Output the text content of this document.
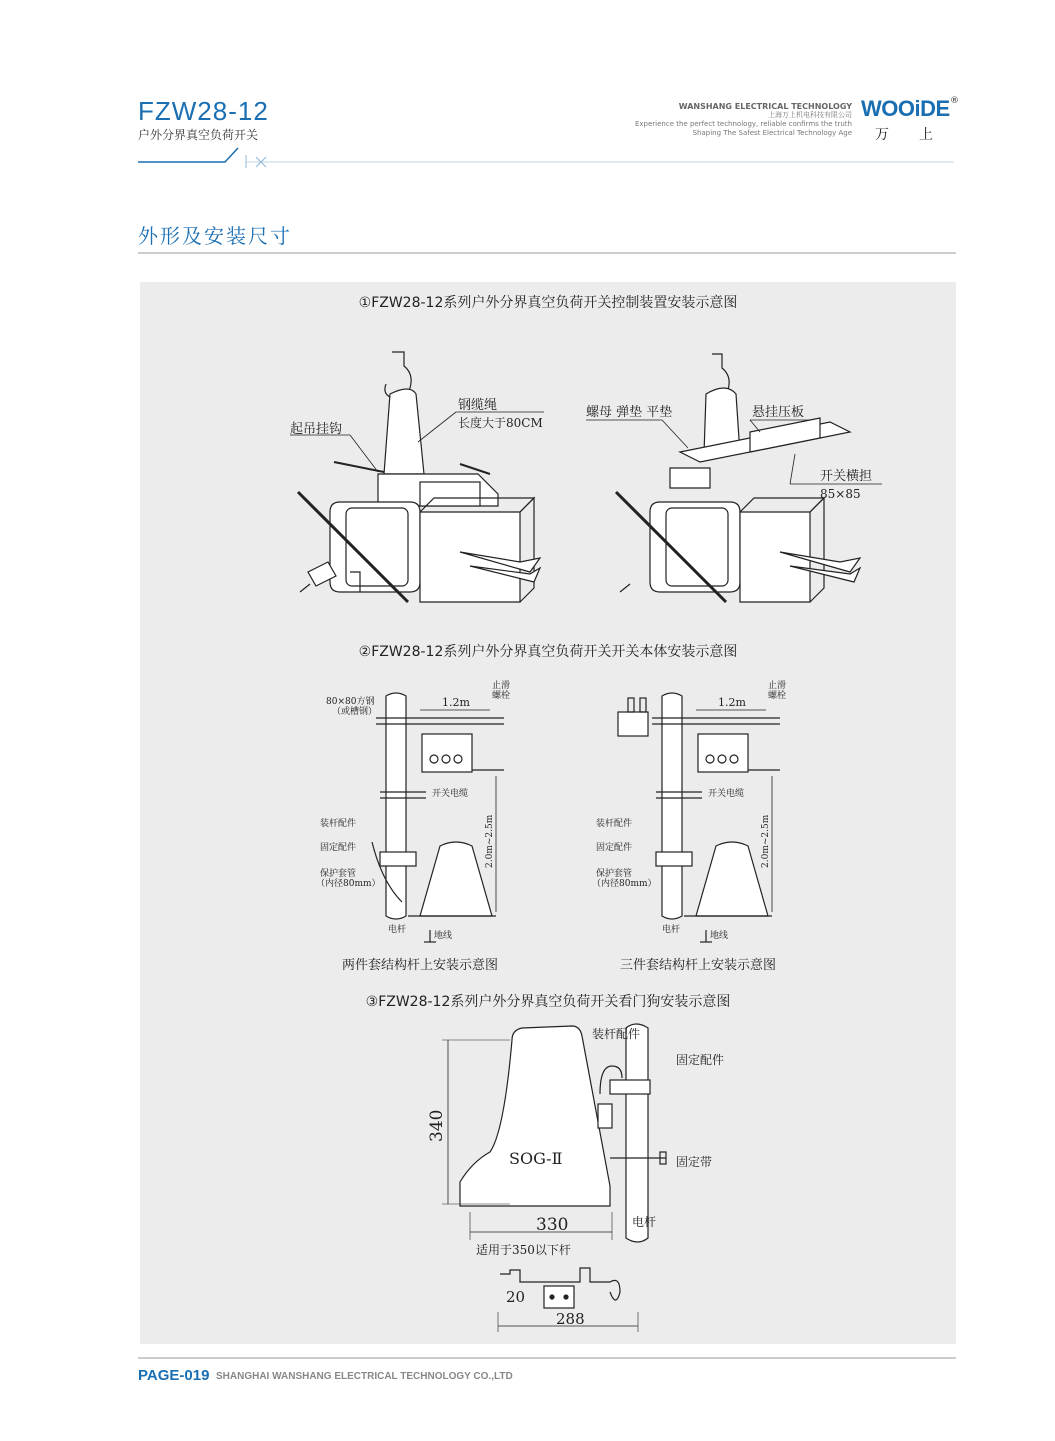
FZW28-12
户外分界真空负荷开关
WANSHANG ELECTRICAL TECHNOLOGY
上海万上机电科技有限公司
Experience the perfect technology, reliable confirms the truth
Shaping The Safest Electrical Technology Age
WOOiDE ®
万上
外形及安装尺寸
①FZW28-12系列户外分界真空负荷开关控制装置安装示意图
②FZW28-12系列户外分界真空负荷开关开关本体安装示意图
两件套结构杆上安装示意图	三件套结构杆上安装示意图
③FZW28-12系列户外分界真空负荷开关看门狗安装示意图
起吊挂钩
钢缆绳
长度大于80CM
螺母 弹垫 平垫	悬挂压板
开关横担
85×85
1.2m
80×80方钢
（或槽钢）
止滑
螺栓
开关电缆
装杆配件
固定配件
保护套管
（内径80mm）
2.0m~2.5m
电杆
地线
1.2m
止滑
螺栓
开关电缆
装杆配件
固定配件
保护套管
（内径80mm）
2.0m~2.5m
电杆
地线
340
SOG-Ⅱ
330
适用于350以下杆
20
288
装杆配件
固定配件
固定带
电杆
PAGE-019 SHANGHAI WANSHANG ELECTRICAL TECHNOLOGY CO.,LTD
